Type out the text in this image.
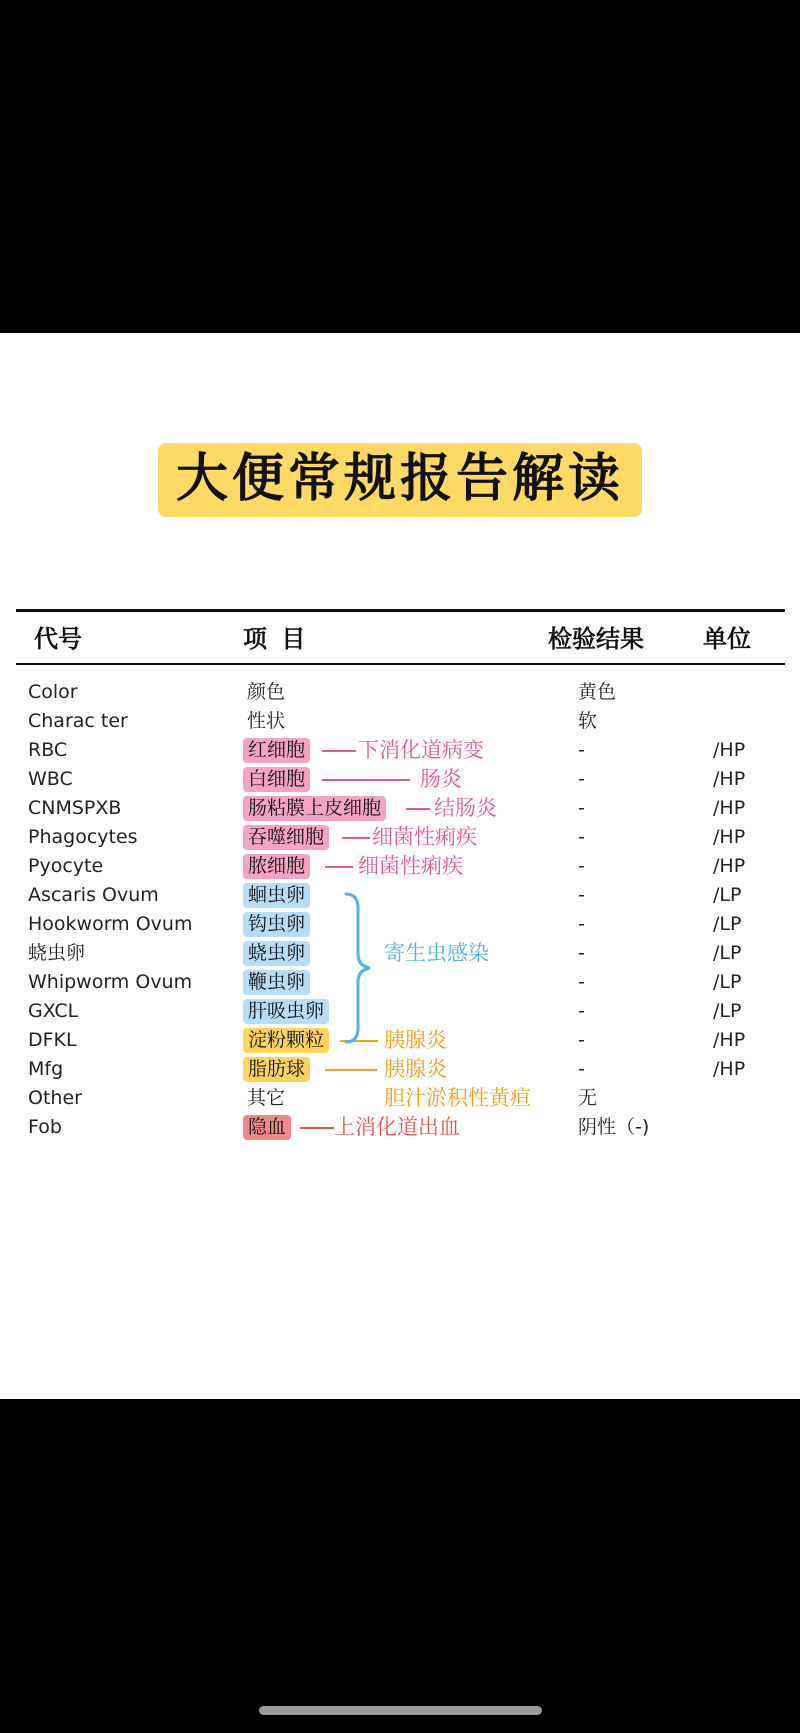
大便常规报告解读
代号	项 目	检验结果 单位
Color	颜色	黄色
Charac ter	性状	软
RBC	红细胞	下消化道病变	-	/HP
WBC	白细胞	肠炎	-	/HP
CNMSPXB	肠粘膜上皮细胞	结肠炎	-	/HP
Phagocytes	吞噬细胞 细菌性痢疾	-	/HP
Pyocyte	脓细胞	细菌性痢疾	-	/HP
Ascaris Ovum	蛔虫卵	-	/LP
Hookworm Ovum	钩虫卵	-	/LP
蛲虫卵	蛲虫卵	寄生虫感染	-	/LP
Whipworm Ovum	鞭虫卵	-	/LP
GXCL	肝吸虫卵	-	/LP
DFKL	淀粉颗粒	胰腺炎	-	/HP
Mfg	脂肪球	胰腺炎	-	/HP
Other	其它	胆汁淤积性黄疸 无
Fob	隐血 上消化道出血	阴性（-)
